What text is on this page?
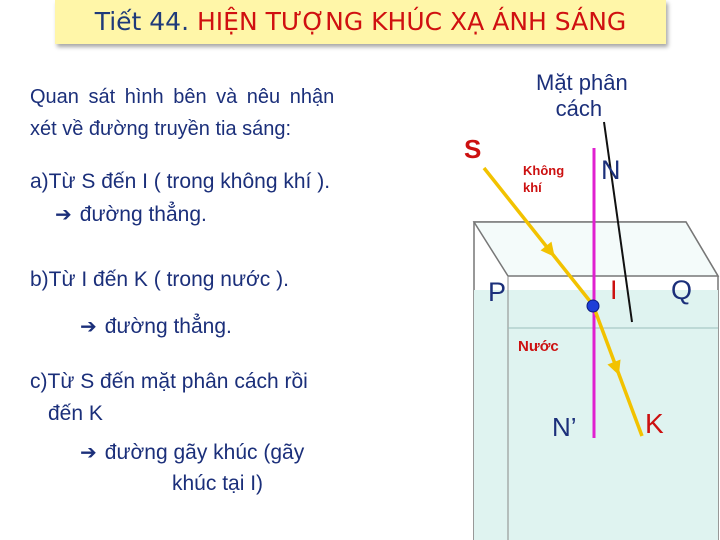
Tiết 44. HIỆN TƯỢNG KHÚC XẠ ÁNH SÁNG
Quan sát hình bên và nêu nhận
xét về đường truyền tia sáng:
a)Từ S đến I ( trong không khí ).
➔ đường thẳng.
b)Từ I đến K ( trong nước ).
➔ đường thẳng.
c)Từ S đến mặt phân cách rồi
đến K
➔ đường gãy khúc (gãy
khúc tại I)
Mặt phân
cách
S
Không
khí
N
P	I Q
Nước
N’ K
